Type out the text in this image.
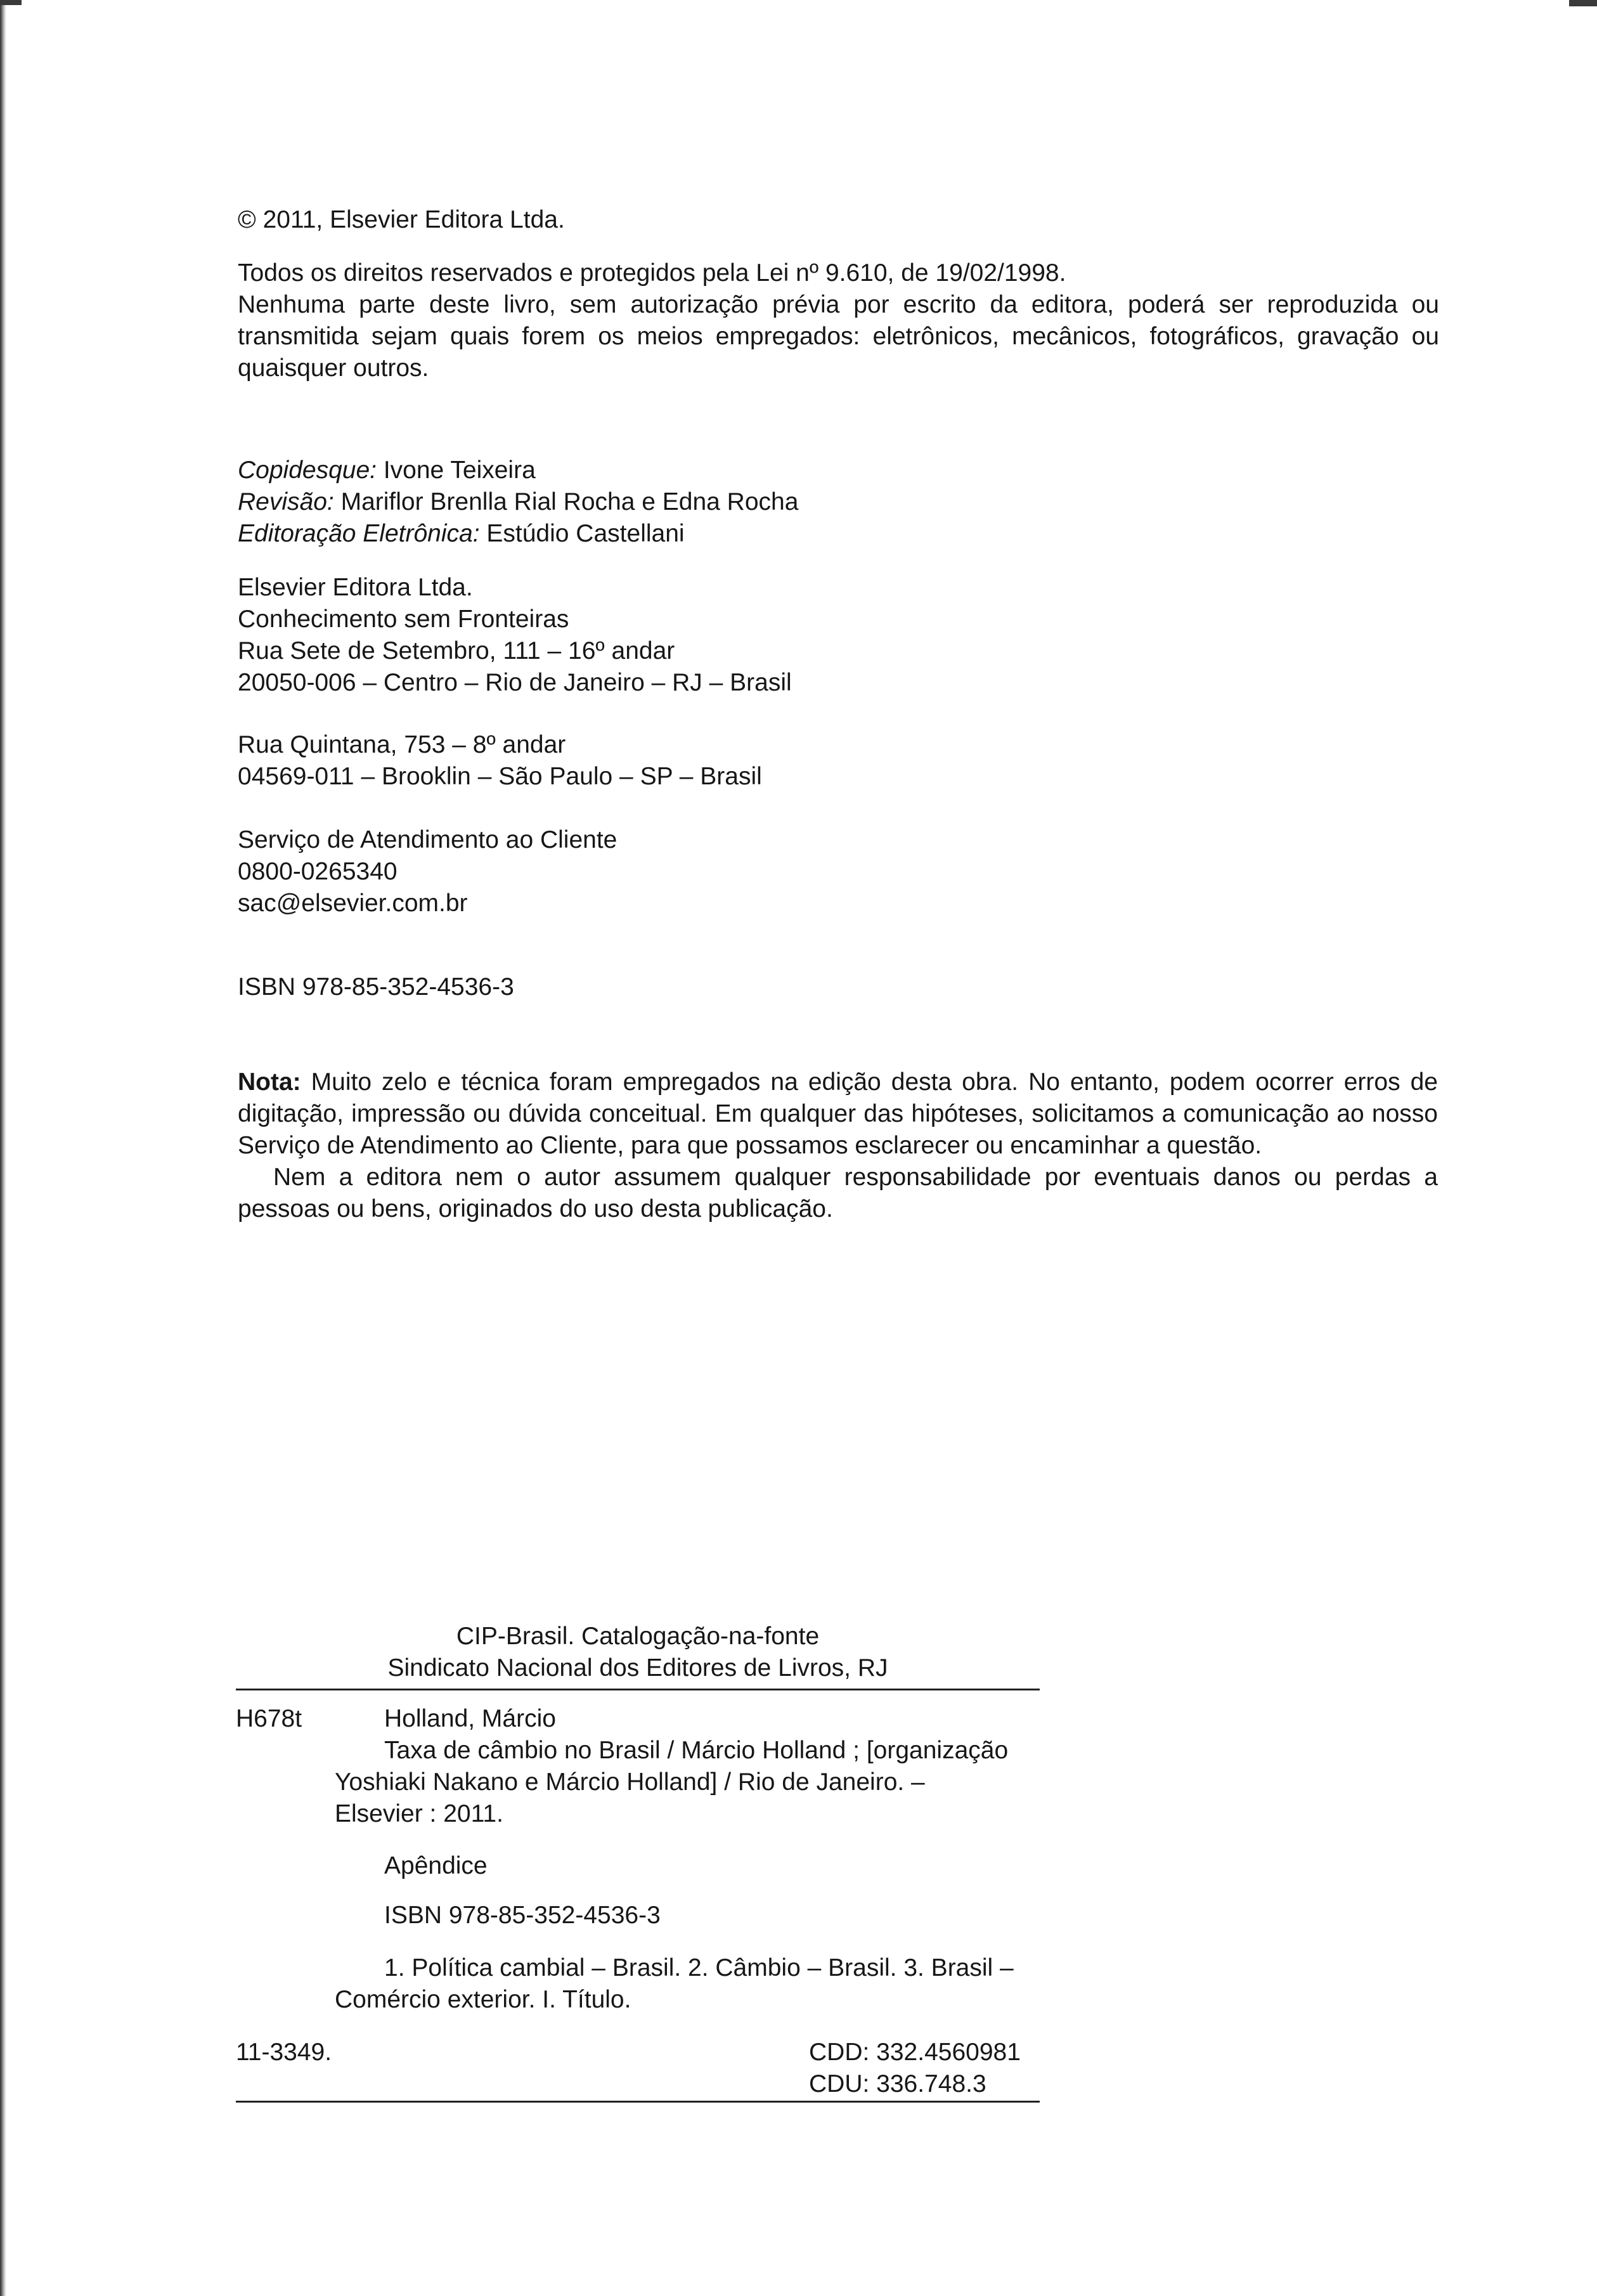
© 2011, Elsevier Editora Ltda.
Todos os direitos reservados e protegidos pela Lei nº 9.610, de 19/02/1998.
Nenhuma parte deste livro, sem autorização prévia por escrito da editora, poderá ser reproduzida ou
transmitida sejam quais forem os meios empregados: eletrônicos, mecânicos, fotográficos, gravação ou
quaisquer outros.
Copidesque: Ivone Teixeira
Revisão: Mariflor Brenlla Rial Rocha e Edna Rocha
Editoração Eletrônica: Estúdio Castellani
Elsevier Editora Ltda.
Conhecimento sem Fronteiras
Rua Sete de Setembro, 111 – 16º andar
20050-006 – Centro – Rio de Janeiro – RJ – Brasil
Rua Quintana, 753 – 8º andar
04569-011 – Brooklin – São Paulo – SP – Brasil
Serviço de Atendimento ao Cliente
0800-0265340
sac@elsevier.com.br
ISBN 978-85-352-4536-3
Nota: Muito zelo e técnica foram empregados na edição desta obra. No entanto, podem ocorrer erros de
digitação, impressão ou dúvida conceitual. Em qualquer das hipóteses, solicitamos a comunicação ao nosso
Serviço de Atendimento ao Cliente, para que possamos esclarecer ou encaminhar a questão.
Nem a editora nem o autor assumem qualquer responsabilidade por eventuais danos ou perdas a
pessoas ou bens, originados do uso desta publicação.
CIP-Brasil. Catalogação-na-fonte
Sindicato Nacional dos Editores de Livros, RJ
H678t	Holland, Márcio
Taxa de câmbio no Brasil / Márcio Holland ; [organização
Yoshiaki Nakano e Márcio Holland] / Rio de Janeiro. –
Elsevier : 2011.
Apêndice
ISBN 978-85-352-4536-3
1. Política cambial – Brasil. 2. Câmbio – Brasil. 3. Brasil –
Comércio exterior. I. Título.
11-3349.	CDD: 332.4560981
CDU: 336.748.3
